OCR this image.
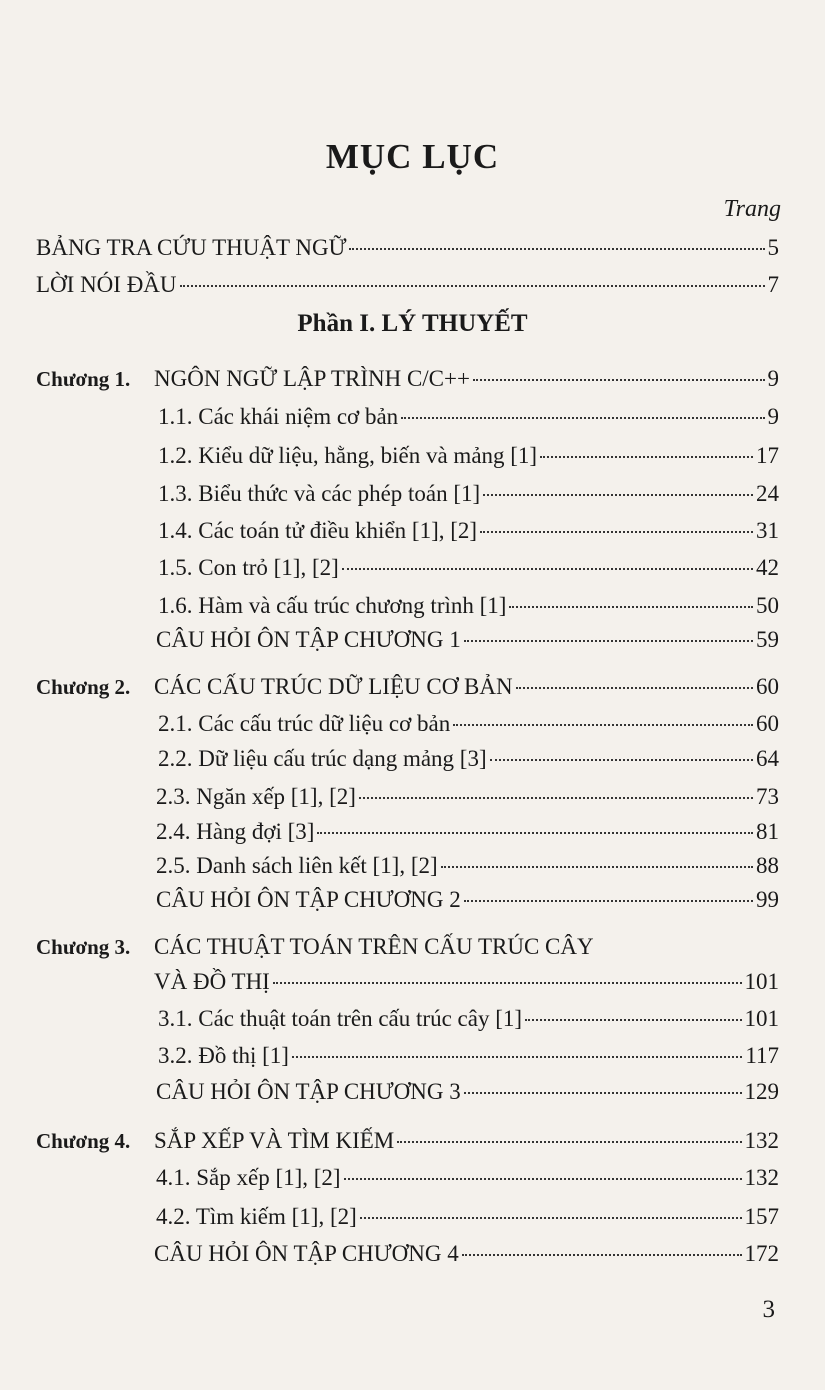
MỤC LỤC
Trang
BẢNG TRA CỨU THUẬT NGỮ	5
LỜI NÓI ĐẦU	7
Phần I. LÝ THUYẾT
Chương 1.	NGÔN NGỮ LẬP TRÌNH C/C++	9
1.1. Các khái niệm cơ bản	9
1.2. Kiểu dữ liệu, hằng, biến và mảng [1]	17
1.3. Biểu thức và các phép toán [1]	24
1.4. Các toán tử điều khiển [1], [2]	31
1.5. Con trỏ [1], [2]	42
1.6. Hàm và cấu trúc chương trình [1]	50
CÂU HỎI ÔN TẬP CHƯƠNG 1	59
Chương 2.	CÁC CẤU TRÚC DỮ LIỆU CƠ BẢN	60
2.1. Các cấu trúc dữ liệu cơ bản	60
2.2. Dữ liệu cấu trúc dạng mảng [3]	64
2.3. Ngăn xếp [1], [2]	73
2.4. Hàng đợi [3]	81
2.5. Danh sách liên kết [1], [2]	88
CÂU HỎI ÔN TẬP CHƯƠNG 2	99
Chương 3.	CÁC THUẬT TOÁN TRÊN CẤU TRÚC CÂY
VÀ ĐỒ THỊ	101
3.1. Các thuật toán trên cấu trúc cây [1]	101
3.2. Đồ thị [1]	117
CÂU HỎI ÔN TẬP CHƯƠNG 3	129
Chương 4.	SẮP XẾP VÀ TÌM KIẾM	132
4.1. Sắp xếp [1], [2]	132
4.2. Tìm kiếm [1], [2]	157
CÂU HỎI ÔN TẬP CHƯƠNG 4	172
3
